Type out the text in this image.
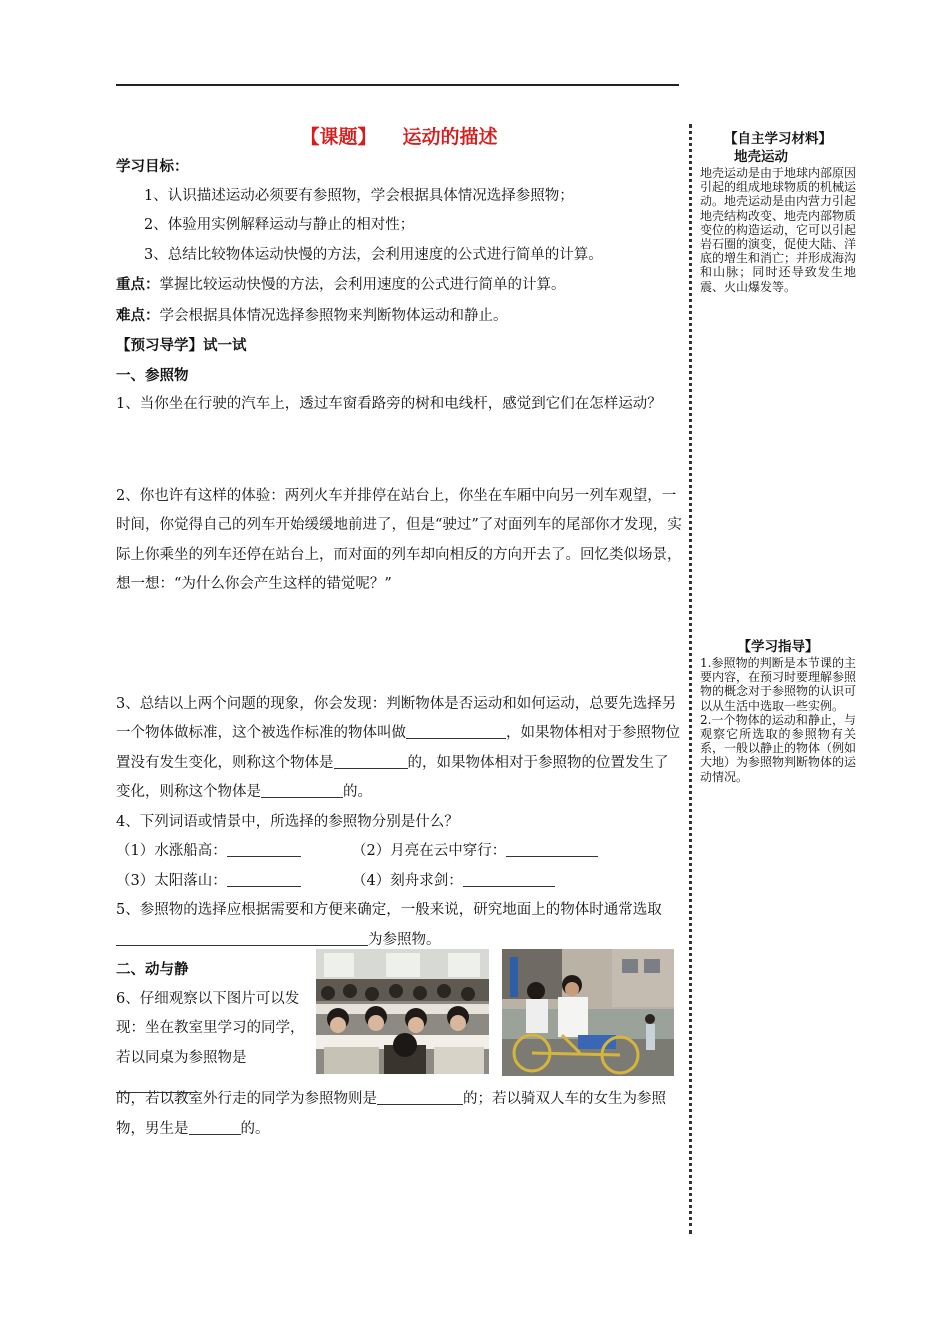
【课题】 运动的描述

学习目标：

1、认识描述运动必须要有参照物，学会根据具体情况选择参照物；

2、体验用实例解释运动与静止的相对性；

3、总结比较物体运动快慢的方法，会利用速度的公式进行简单的计算。

重点：掌握比较运动快慢的方法，会利用速度的公式进行简单的计算。

难点：学会根据具体情况选择参照物来判断物体运动和静止。

【预习导学】试一试

一、参照物

1、当你坐在行驶的汽车上，透过车窗看路旁的树和电线杆，感觉到它们在怎样运动？

2、你也许有这样的体验：两列火车并排停在站台上，你坐在车厢中向另一列车观望，一时间，你觉得自己的列车开始缓缓地前进了，但是“驶过”了对面列车的尾部你才发现，实际上你乘坐的列车还停在站台上，而对面的列车却向相反的方向开去了。回忆类似场景，想一想：“为什么你会产生这样的错觉呢？”

3、总结以上两个问题的现象，你会发现：判断物体是否运动和如何运动，总要先选择另一个物体做标准，这个被选作标准的物体叫做	，如果物体相对于参照物位置没有发生变化，则称这个物体是	的，如果物体相对于参照物的位置发生了变化，则称这个物体是	的。

4、下列词语或情景中，所选择的参照物分别是什么？

（1）水涨船高：	（2）月亮在云中穿行：
（3）太阳落山：	（4）刻舟求剑：

5、参照物的选择应根据需要和方便来确定，一般来说，研究地面上的物体时通常选取为参照物。

二、动与静

6、仔细观察以下图片可以发现：坐在教室里学习的同学，若以同桌为参照物是

的，若以教室外行走的同学为参照物则是	的；若以骑双人车的女生为参照物，男生是	的。

【自主学习材料】
地壳运动

地壳运动是由于地球内部原因引起的组成地球物质的机械运动。地壳运动是由内营力引起地壳结构改变、地壳内部物质变位的构造运动，它可以引起岩石圈的演变，促使大陆、洋底的增生和消亡；并形成海沟和山脉；同时还导致发生地震、火山爆发等。

【学习指导】

1.参照物的判断是本节课的主要内容，在预习时要理解参照物的概念对于参照物的认识可以从生活中选取一些实例。

2.一个物体的运动和静止，与观察它所选取的参照物有关系，一般以静止的物体（例如大地）为参照物判断物体的运动情况。
